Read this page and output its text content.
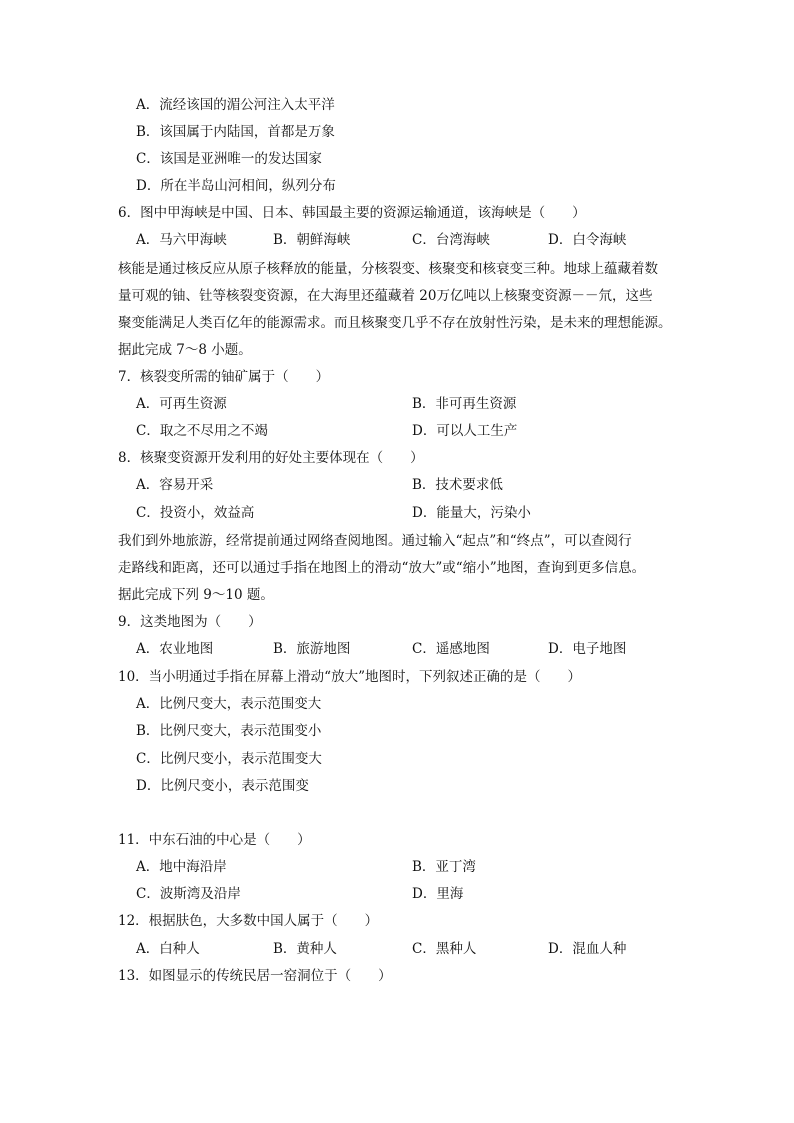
A．流经该国的湄公河注入太平洋
B．该国属于内陆国，首都是万象
C．该国是亚洲唯一的发达国家
D．所在半岛山河相间，纵列分布
6．图中甲海峡是中国、日本、韩国最主要的资源运输通道，该海峡是（　　）
A．马六甲海峡	B．朝鲜海峡	C．台湾海峡	D．白令海峡
核能是通过核反应从原子核释放的能量，分核裂变、核聚变和核衰变三种。地球上蕴藏着数
量可观的铀、钍等核裂变资源，在大海里还蕴藏着 20万亿吨以上核聚变资源－－氘，这些
聚变能满足人类百亿年的能源需求。而且核聚变几乎不存在放射性污染，是未来的理想能源。
据此完成 7～8 小题。
7．核裂变所需的铀矿属于（　　）
A．可再生资源	B．非可再生资源
C．取之不尽用之不竭	D．可以人工生产
8．核聚变资源开发利用的好处主要体现在（　　）
A．容易开采	B．技术要求低
C．投资小，效益高	D．能量大，污染小
我们到外地旅游，经常提前通过网络查阅地图。通过输入“起点”和“终点”，可以查阅行
走路线和距离，还可以通过手指在地图上的滑动“放大”或“缩小”地图，查询到更多信息。
据此完成下列 9～10 题。
9．这类地图为（　　）
A．农业地图	B．旅游地图	C．遥感地图	D．电子地图
10．当小明通过手指在屏幕上滑动“放大”地图时，下列叙述正确的是（　　）
A．比例尺变大，表示范围变大
B．比例尺变大，表示范围变小
C．比例尺变小，表示范围变大
D．比例尺变小，表示范围变
11．中东石油的中心是（　　）
A．地中海沿岸	B．亚丁湾
C．波斯湾及沿岸	D．里海
12．根据肤色，大多数中国人属于（　　）
A．白种人	B．黄种人	C．黑种人	D．混血人种
13．如图显示的传统民居一窑洞位于（　　）
